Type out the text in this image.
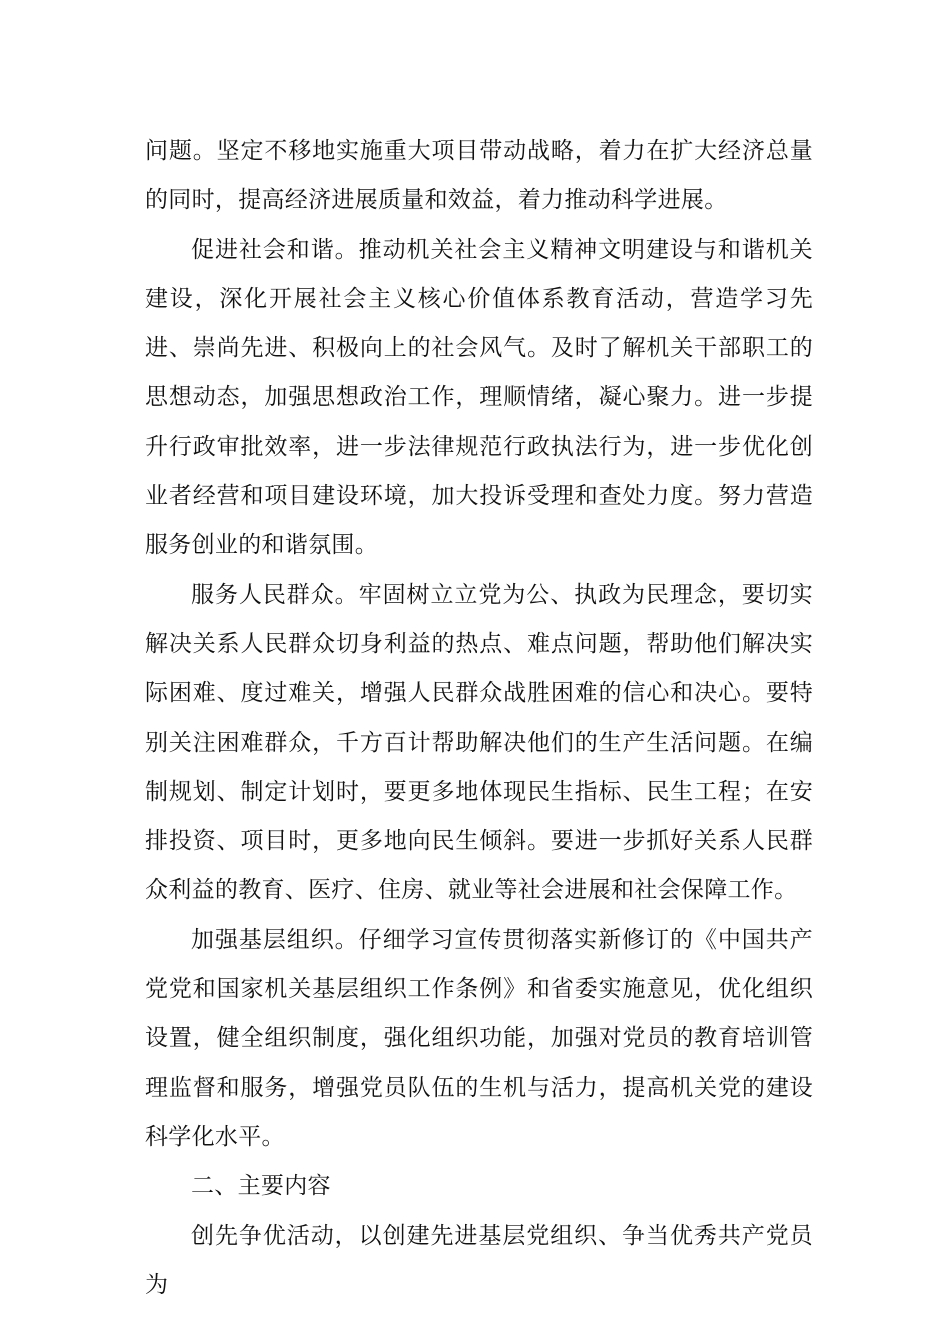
问题。坚定不移地实施重大项目带动战略，着力在扩大经济总量的同时，提高经济进展质量和效益，着力推动科学进展。

促进社会和谐。推动机关社会主义精神文明建设与和谐机关建设，深化开展社会主义核心价值体系教育活动，营造学习先进、崇尚先进、积极向上的社会风气。及时了解机关干部职工的思想动态，加强思想政治工作，理顺情绪，凝心聚力。进一步提升行政审批效率，进一步法律规范行政执法行为，进一步优化创业者经营和项目建设环境，加大投诉受理和查处力度。努力营造服务创业的和谐氛围。

服务人民群众。牢固树立立党为公、执政为民理念，要切实解决关系人民群众切身利益的热点、难点问题，帮助他们解决实际困难、度过难关，增强人民群众战胜困难的信心和决心。要特别关注困难群众，千方百计帮助解决他们的生产生活问题。在编制规划、制定计划时，要更多地体现民生指标、民生工程；在安排投资、项目时，更多地向民生倾斜。要进一步抓好关系人民群众利益的教育、医疗、住房、就业等社会进展和社会保障工作。

加强基层组织。仔细学习宣传贯彻落实新修订的《中国共产党党和国家机关基层组织工作条例》和省委实施意见，优化组织设置，健全组织制度，强化组织功能，加强对党员的教育培训管理监督和服务，增强党员队伍的生机与活力，提高机关党的建设科学化水平。

二、主要内容

创先争优活动，以创建先进基层党组织、争当优秀共产党员为
